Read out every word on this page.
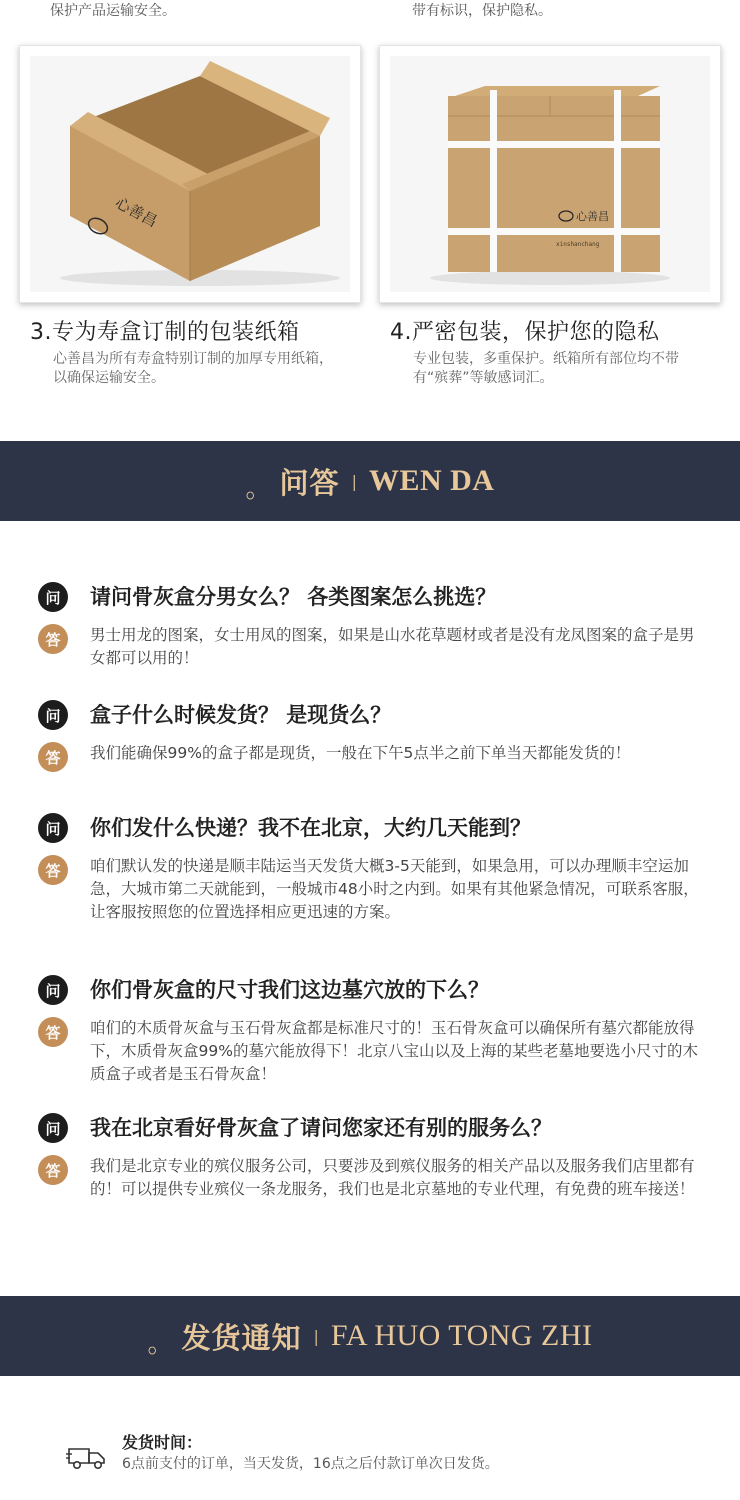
保护产品运输安全。	带有标识，保护隐私。
心善昌	心善昌
xinshanchang
3.专为寿盒订制的包装纸箱
心善昌为所有寿盒特别订制的加厚专用纸箱，以确保运输安全。
4.严密包装，保护您的隐私
专业包装，多重保护。纸箱所有部位均不带有“殡葬”等敏感词汇。
。 问答 | WEN DA
问	请问骨灰盒分男女么？ 各类图案怎么挑选？
答	男士用龙的图案，女士用凤的图案，如果是山水花草题材或者是没有龙凤图案的盒子是男女都可以用的！
问	盒子什么时候发货？ 是现货么？
答	我们能确保99%的盒子都是现货，一般在下午5点半之前下单当天都能发货的！
问	你们发什么快递？我不在北京，大约几天能到？
答	咱们默认发的快递是顺丰陆运当天发货大概3-5天能到，如果急用，可以办理顺丰空运加急，大城市第二天就能到，一般城市48小时之内到。如果有其他紧急情况，可联系客服，让客服按照您的位置选择相应更迅速的方案。
问	你们骨灰盒的尺寸我们这边墓穴放的下么？
答	咱们的木质骨灰盒与玉石骨灰盒都是标准尺寸的！玉石骨灰盒可以确保所有墓穴都能放得下，木质骨灰盒99%的墓穴能放得下！北京八宝山以及上海的某些老墓地要选小尺寸的木质盒子或者是玉石骨灰盒！
问	我在北京看好骨灰盒了请问您家还有别的服务么？
答	我们是北京专业的殡仪服务公司，只要涉及到殡仪服务的相关产品以及服务我们店里都有的！可以提供专业殡仪一条龙服务，我们也是北京墓地的专业代理，有免费的班车接送！
。 发货通知 | FA HUO TONG ZHI
发货时间：
6点前支付的订单，当天发货，16点之后付款订单次日发货。
